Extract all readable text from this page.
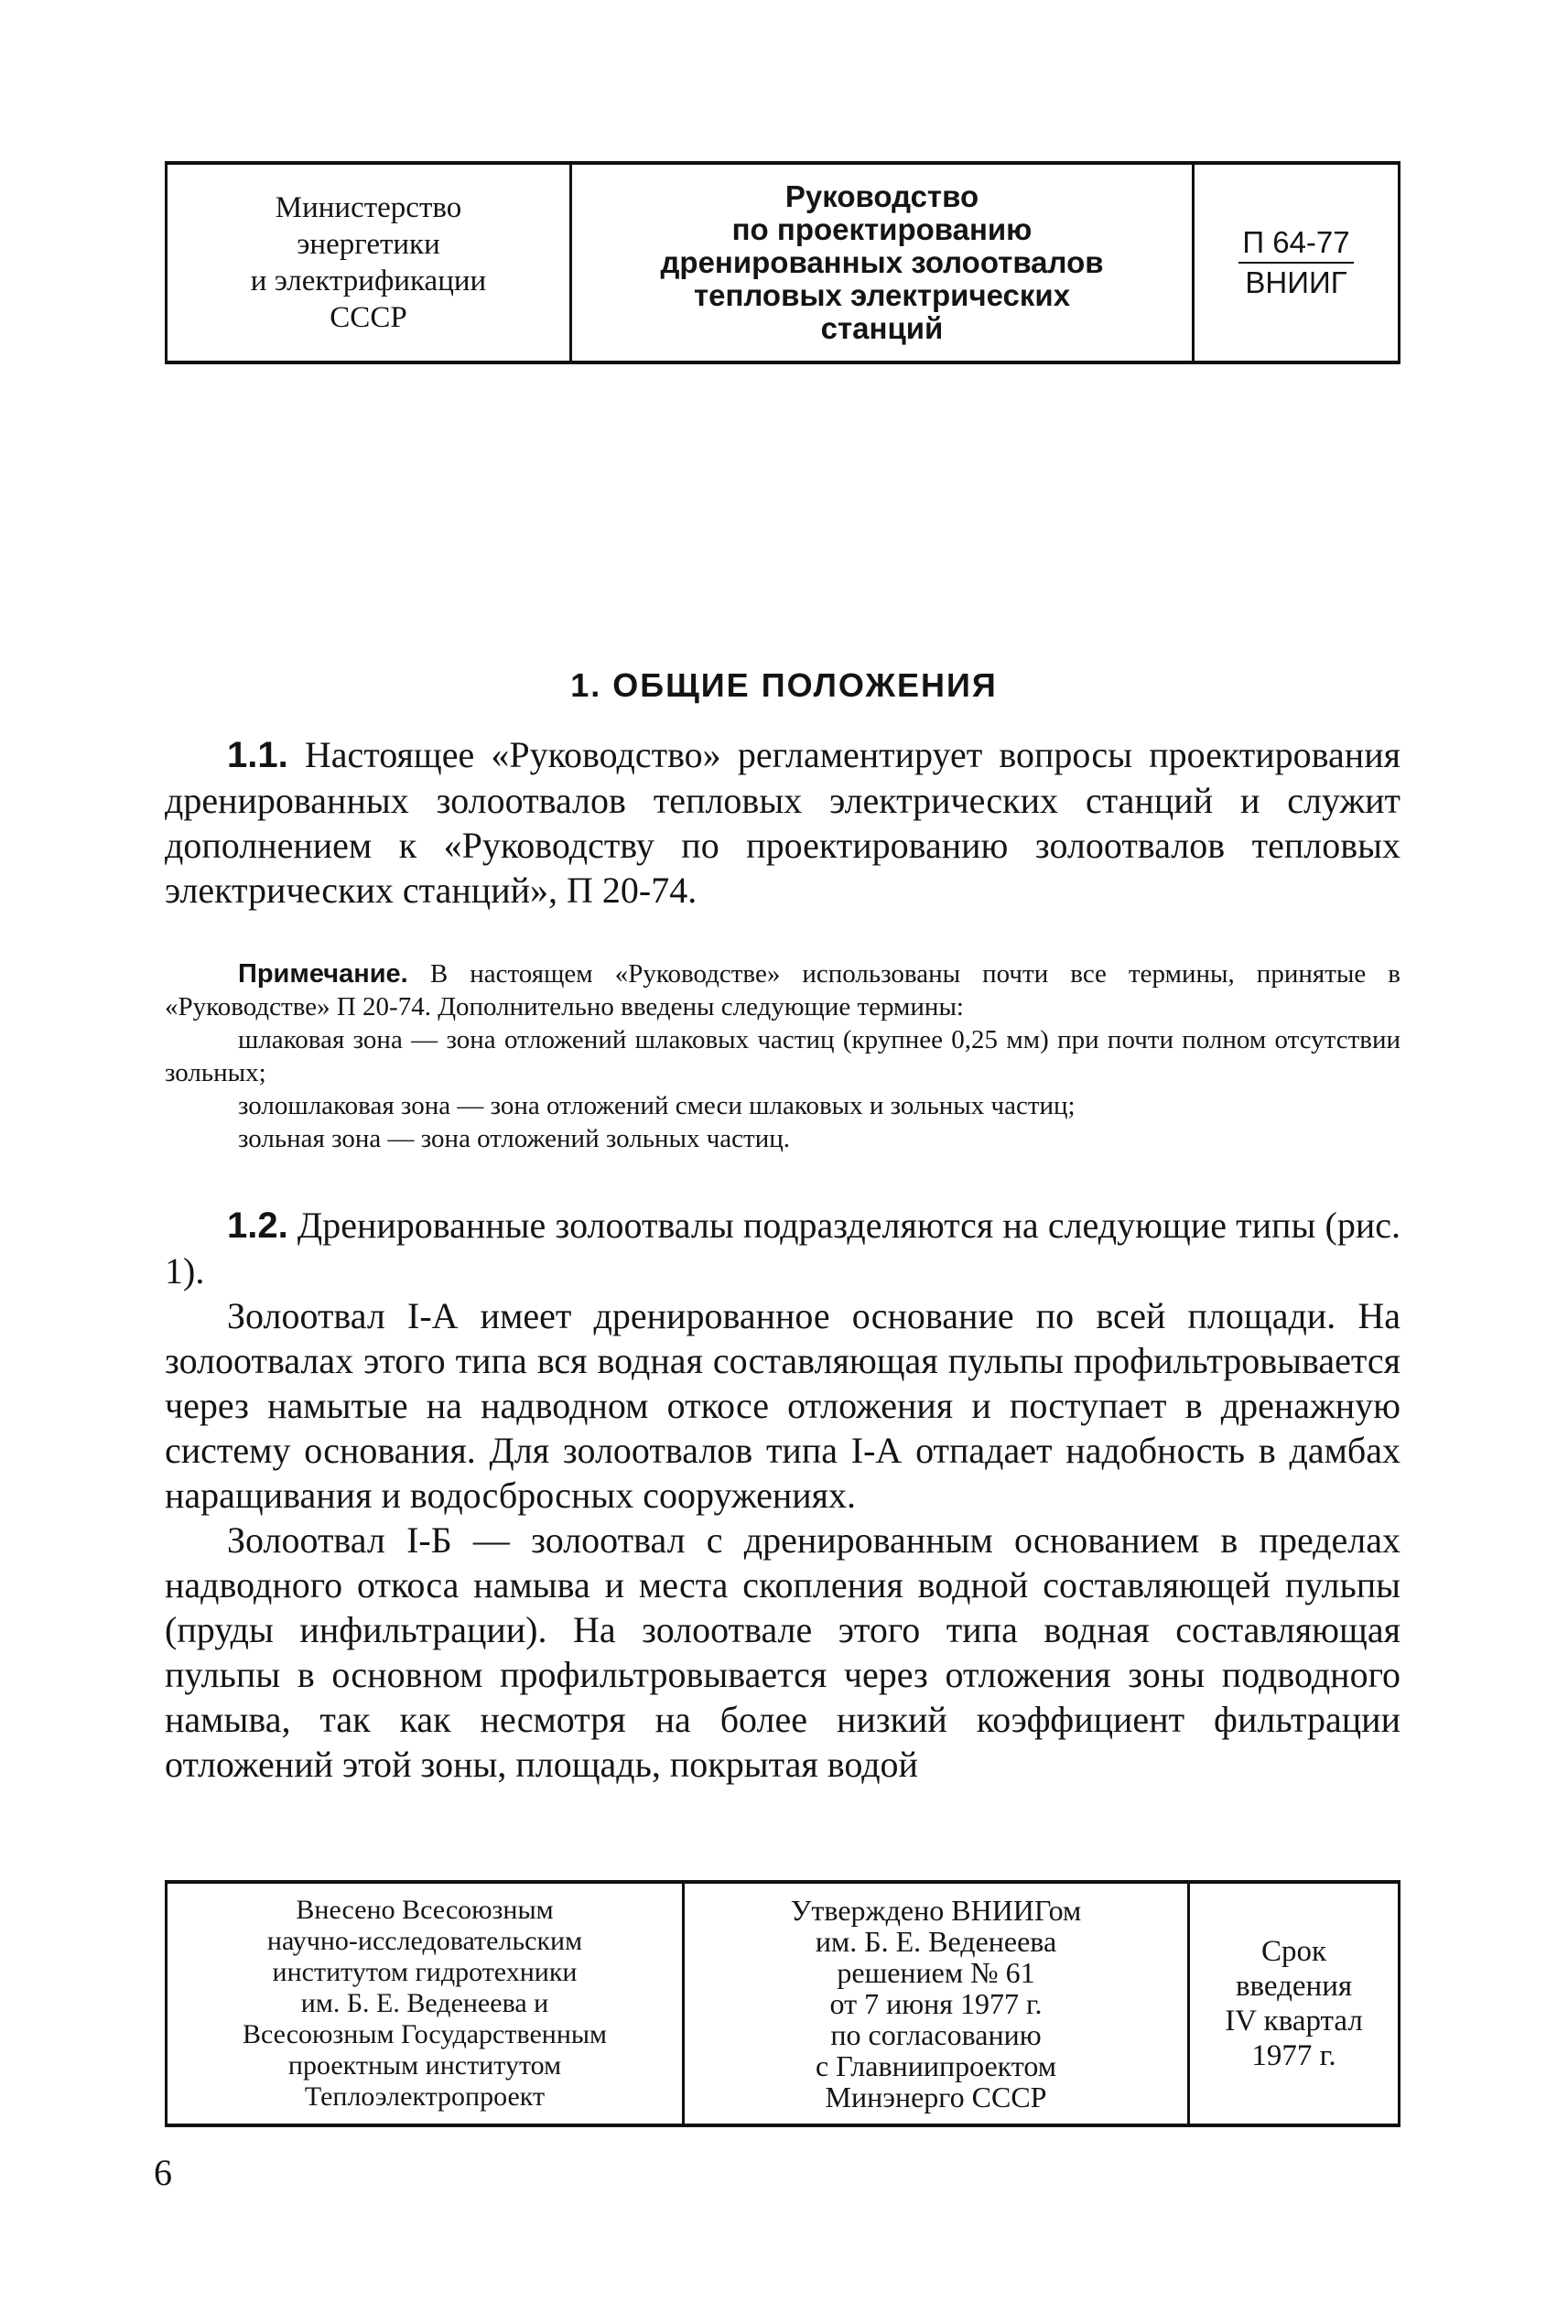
Министерство
энергетики
и электрификации
СССР
Руководство
по проектированию
дренированных золоотвалов
тепловых электрических
станций
П 64-77
ВНИИГ
1. ОБЩИЕ ПОЛОЖЕНИЯ

1.1. Настоящее «Руководство» регламентирует вопросы проектирования дренированных золоотвалов тепловых электрических станций и служит дополнением к «Руководству по проектированию золоотвалов тепловых электрических станций», П 20-74.

Примечание. В настоящем «Руководстве» использованы почти все термины, принятые в «Руководстве» П 20-74. Дополнительно введены следующие термины:

шлаковая зона — зона отложений шлаковых частиц (крупнее 0,25 мм) при почти полном отсутствии зольных;

золошлаковая зона — зона отложений смеси шлаковых и зольных частиц;

зольная зона — зона отложений зольных частиц.

1.2. Дренированные золоотвалы подразделяются на следующие типы (рис. 1).

Золоотвал I-А имеет дренированное основание по всей площади. На золоотвалах этого типа вся водная составляющая пульпы профильтровывается через намытые на надводном откосе отложения и поступает в дренажную систему основания. Для золоотвалов типа I-А отпадает надобность в дамбах наращивания и водосбросных сооружениях.

Золоотвал I-Б — золоотвал с дренированным основанием в пределах надводного откоса намыва и места скопления водной составляющей пульпы (пруды инфильтрации). На золоотвале этого типа водная составляющая пульпы в основном профильтровывается через отложения зоны подводного намыва, так как несмотря на более низкий коэффициент фильтрации отложений этой зоны, площадь, покрытая водой

Внесено Всесоюзным
научно-исследовательским
институтом гидротехники
им. Б. Е. Веденеева и
Всесоюзным Государственным
проектным институтом
Теплоэлектропроект
Утверждено ВНИИГом
им. Б. Е. Веденеева
решением № 61
от 7 июня 1977 г.
по согласованию
с Главниипроектом
Минэнерго СССР
Срок
введения
IV квартал
1977 г.
6
